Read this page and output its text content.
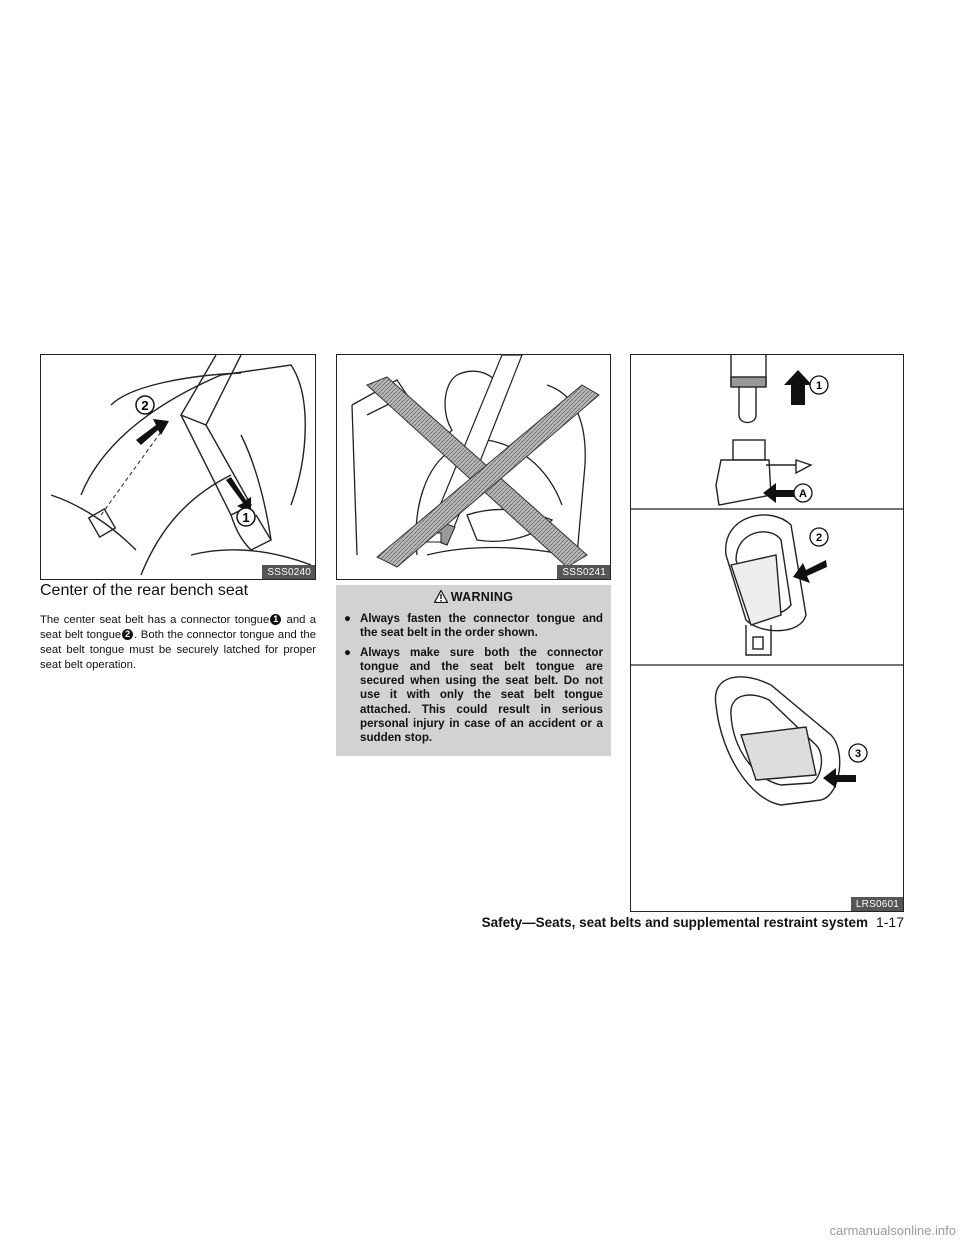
2
1
SSS0240	SSS0241
1
A
2
3
LRS0601
Center of the rear bench seat

The center seat belt has a connector tongue 1 and a seat belt tongue 2 . Both the connector tongue and the seat belt tongue must be securely latched for proper seat belt operation.

WARNING
● Always fasten the connector tongue and the seat belt in the order shown.
● Always make sure both the connector tongue and the seat belt tongue are secured when using the seat belt. Do not use it with only the seat belt tongue attached. This could result in serious personal injury in case of an accident or a sudden stop.
Safety—Seats, seat belts and supplemental restraint system 1-17
carmanualsonline.info
